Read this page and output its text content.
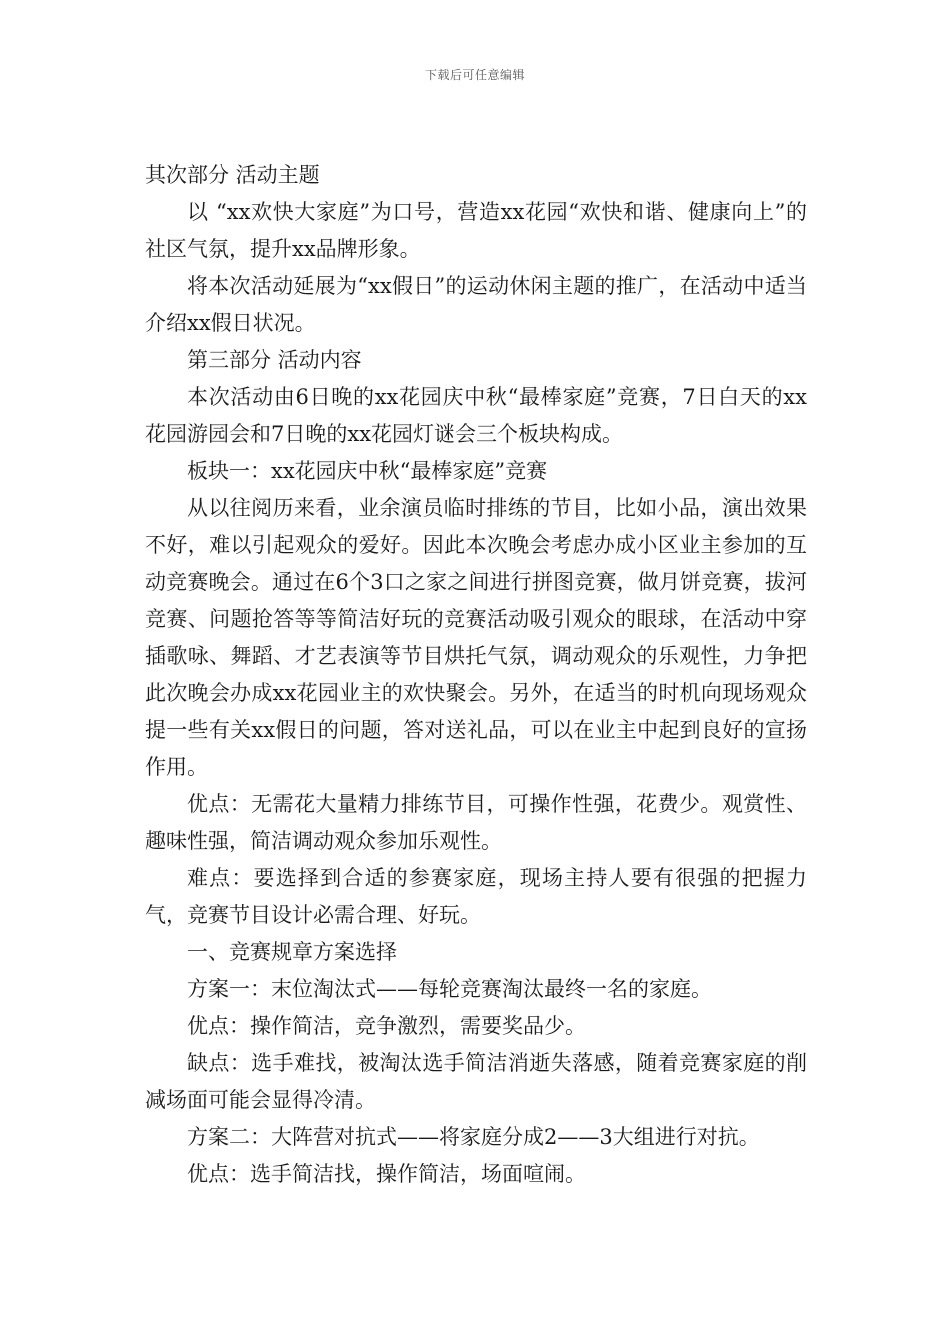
下载后可任意编辑

其次部分 活动主题

以 “xx欢快大家庭”为口号，营造xx花园“欢快和谐、健康向上”的社区气氛，提升xx品牌形象。

将本次活动延展为“xx假日”的运动休闲主题的推广，在活动中适当介绍xx假日状况。

第三部分 活动内容

本次活动由6日晚的xx花园庆中秋“最棒家庭”竞赛，7日白天的xx花园游园会和7日晚的xx花园灯谜会三个板块构成。

板块一：xx花园庆中秋“最棒家庭”竞赛

从以往阅历来看，业余演员临时排练的节目，比如小品，演出效果不好，难以引起观众的爱好。因此本次晚会考虑办成小区业主参加的互动竞赛晚会。通过在6个3口之家之间进行拼图竞赛，做月饼竞赛，拔河竞赛、问题抢答等等简洁好玩的竞赛活动吸引观众的眼球，在活动中穿插歌咏、舞蹈、才艺表演等节目烘托气氛，调动观众的乐观性，力争把此次晚会办成xx花园业主的欢快聚会。另外，在适当的时机向现场观众提一些有关xx假日的问题，答对送礼品，可以在业主中起到良好的宣扬作用。

优点：无需花大量精力排练节目，可操作性强，花费少。观赏性、趣味性强，简洁调动观众参加乐观性。

难点：要选择到合适的参赛家庭，现场主持人要有很强的把握力气，竞赛节目设计必需合理、好玩。

一、竞赛规章方案选择

方案一：末位淘汰式——每轮竞赛淘汰最终一名的家庭。

优点：操作简洁，竞争激烈，需要奖品少。

缺点：选手难找，被淘汰选手简洁消逝失落感，随着竞赛家庭的削减场面可能会显得冷清。

方案二：大阵营对抗式——将家庭分成2——3大组进行对抗。

优点：选手简洁找，操作简洁，场面喧闹。
